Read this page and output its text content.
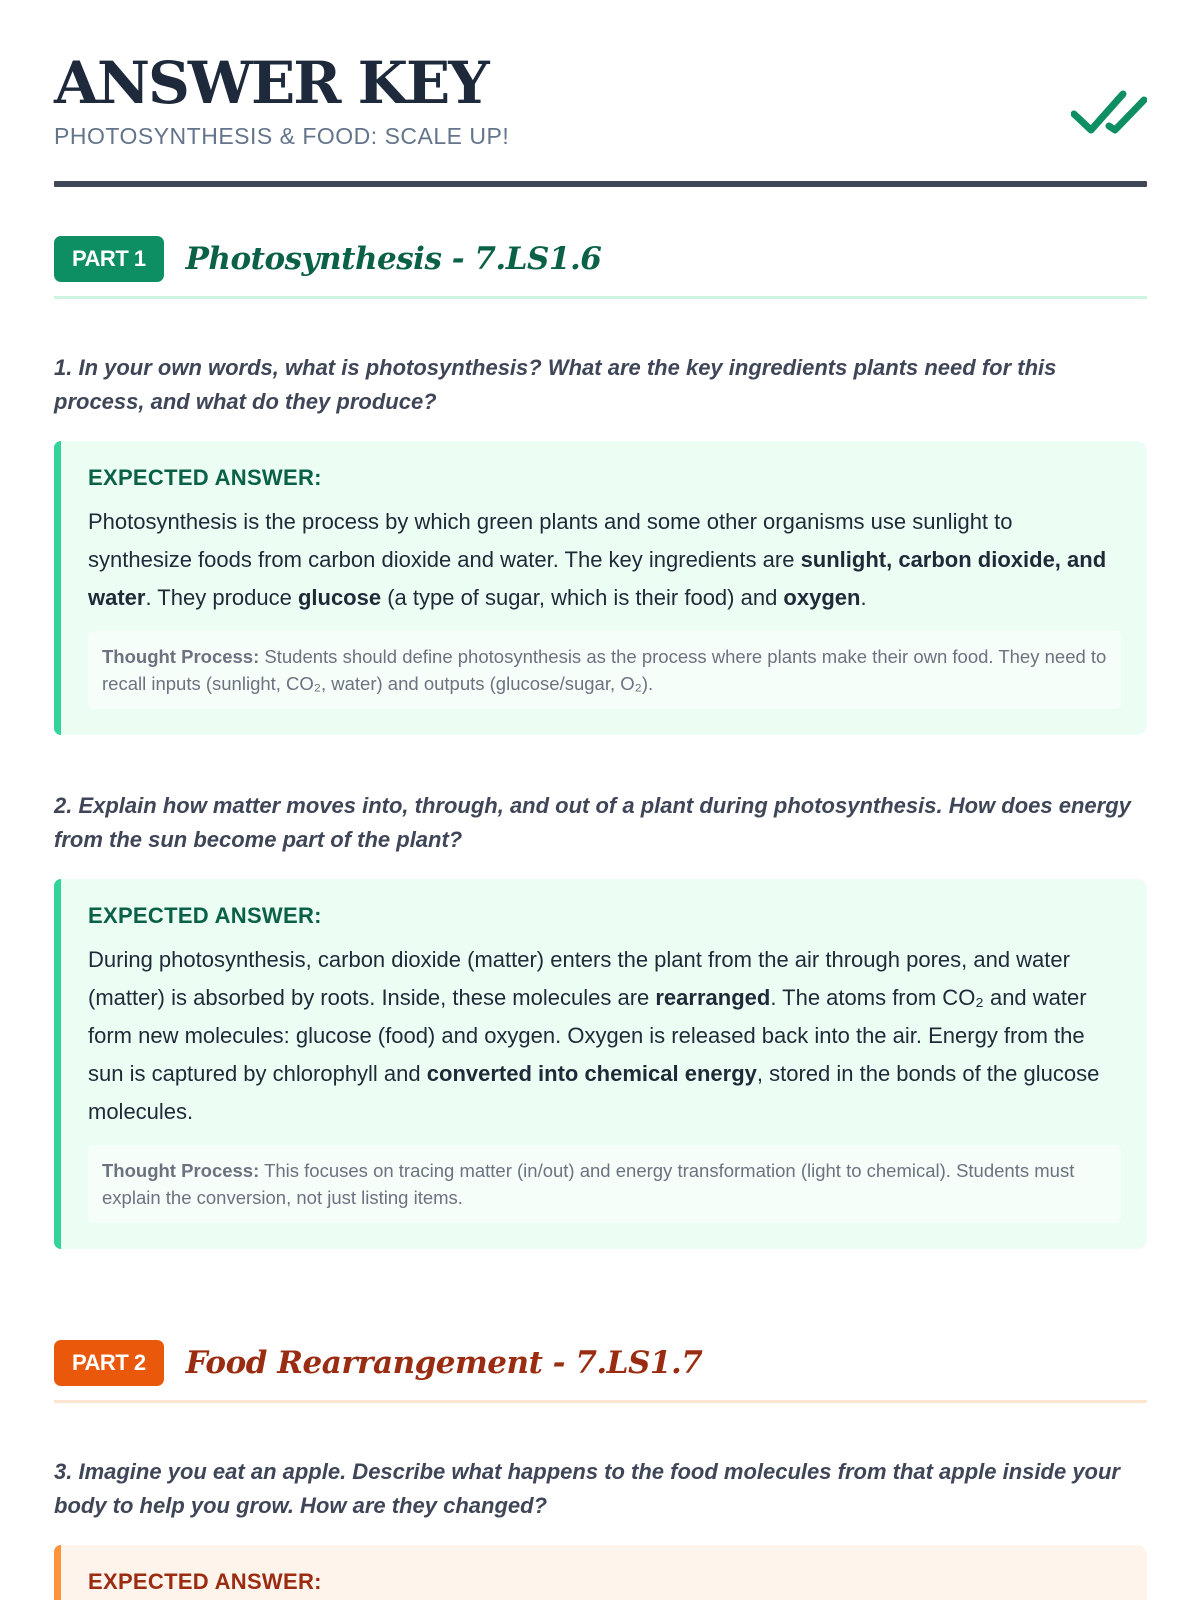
ANSWER KEY
PHOTOSYNTHESIS & FOOD: SCALE UP!
PART 1	Photosynthesis - 7.LS1.6
1. In your own words, what is photosynthesis? What are the key ingredients plants need for this process, and what do they produce?
EXPECTED ANSWER:
Photosynthesis is the process by which green plants and some other organisms use sunlight to synthesize foods from carbon dioxide and water. The key ingredients are sunlight, carbon dioxide, and water. They produce glucose (a type of sugar, which is their food) and oxygen.
Thought Process: Students should define photosynthesis as the process where plants make their own food. They need to recall inputs (sunlight, CO₂, water) and outputs (glucose/sugar, O₂).
2. Explain how matter moves into, through, and out of a plant during photosynthesis. How does energy from the sun become part of the plant?
EXPECTED ANSWER:
During photosynthesis, carbon dioxide (matter) enters the plant from the air through pores, and water (matter) is absorbed by roots. Inside, these molecules are rearranged. The atoms from CO₂ and water form new molecules: glucose (food) and oxygen. Oxygen is released back into the air. Energy from the sun is captured by chlorophyll and converted into chemical energy, stored in the bonds of the glucose molecules.
Thought Process: This focuses on tracing matter (in/out) and energy transformation (light to chemical). Students must explain the conversion, not just listing items.
PART 2	Food Rearrangement - 7.LS1.7
3. Imagine you eat an apple. Describe what happens to the food molecules from that apple inside your body to help you grow. How are they changed?
EXPECTED ANSWER:
